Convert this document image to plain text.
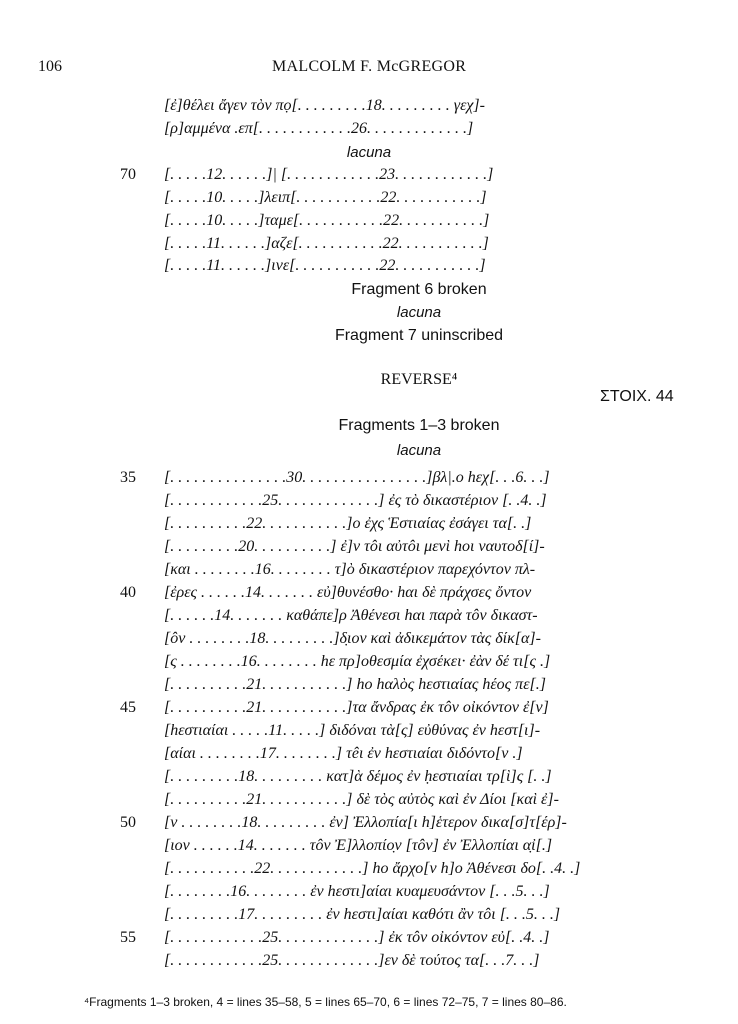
106	MALCOLM F. McGREGOR
[ἐ]θέλει ἄγεν τὸν πọ[. . . . . . . . .18. . . . . . . . . γεχ]-
[ρ]αμμένα .επ[. . . . . . . . . . . .26. . . . . . . . . . . . .]
lacuna
70 [. . . . .12. . . . . .]| [. . . . . . . . . . . .23. . . . . . . . . . . .]
[. . . . .10. . . . .]λειπ[. . . . . . . . . . .22. . . . . . . . . . .]
[. . . . .10. . . . .]ταμε[. . . . . . . . . . .22. . . . . . . . . . .]
[. . . . .11. . . . . .]αζε[. . . . . . . . . . .22. . . . . . . . . . .]
[. . . . .11. . . . . .]ινε[. . . . . . . . . . .22. . . . . . . . . . .]
Fragment 6 broken
lacuna
Fragment 7 uninscribed
REVERSE⁴
ΣΤΟΙΧ. 44
Fragments 1–3 broken
lacuna
35 [. . . . . . . . . . . . . . .30. . . . . . . . . . . . . . . .]βλ|.ο hεχ[. . .6. . .]
[. . . . . . . . . . . .25. . . . . . . . . . . . .] ἐς τὸ δικαστέριον [. .4. .]
[. . . . . . . . . .22. . . . . . . . . . .]ο ἐχς Ἑστιαίας ἐσάγει τα[. .]
[. . . . . . . . .20. . . . . . . . . .] ἐ]ν τôι αὐτôι μενὶ hoι ναυτοδ[ί]-
[και . . . . . . . .16. . . . . . . . τ]ὸ δικαστέριον παρεχόντον πλ-
40 [ἐρες . . . . . .14. . . . . . . εὐ]θυνέσθο· hαι δὲ πράχσες ὄντον
[. . . . . .14. . . . . . . καθάπε]ρ Ἀθένεσι hαι παρὰ τôν δικαστ-
[ôν . . . . . . . .18. . . . . . . . .]δ̣ιον καὶ ἀδικεμάτον τὰς δίκ[α]-
[ς . . . . . . . .16. . . . . . . . hε πρ]οθεσμία ἐχσέκει· ἐὰν δέ τι[ς .]
[. . . . . . . . . .21. . . . . . . . . . .] hο hαλὸς hεστιαίας hέος πε[.]
45 [. . . . . . . . . .21. . . . . . . . . . .]τα ἄνδρας ἐκ τôν οἰκόντον ἐ[ν]
[hεστιαίαι . . . . .11. . . . .] διδόναι τὰ[ς] εὐθύνας ἐν hεστ[ι]-
[αίαι . . . . . . . .17. . . . . . . .] τêι ἐν hεστιαίαι διδόντο[ν .]
[. . . . . . . . .18. . . . . . . . . κατ]ὰ δέμος ἐν ḥεστιαίαι τρ[ὶ]ς [. .]
[. . . . . . . . . .21. . . . . . . . . . .] δὲ τὸς αὐτὸς καὶ ἐν Δίοι [καὶ ἐ]-
50 [ν . . . . . . . .18. . . . . . . . . ἐν] Ἐλλοπία[ι h]ἑτερον δικα[σ]τ[έρ]-
[ιον . . . . . .14. . . . . . . τôν Ἐ]λλοπίο̣ν [τôν] ἐν Ἐλλοπίαι α̣ἰ[.]
[. . . . . . . . . . .22. . . . . . . . . . . .] hο ἄρχο[ν h]ο Ἀθένεσι δο[. .4. .]
[. . . . . . . .16. . . . . . . . ἐν hεστι]αίαι κυαμευσάντον [. . .5. . .]
[. . . . . . . . .17. . . . . . . . . ἐν hεστι]αίαι καθότι ἂν τôι [. . .5. . .]
55 [. . . . . . . . . . . .25. . . . . . . . . . . . .] ἐκ τôν οἰκόντον εὐ[. .4. .]
[. . . . . . . . . . . .25. . . . . . . . . . . . .]εν δὲ τούτος τα[. . .7. . .]
⁴Fragments 1–3 broken, 4 = lines 35–58, 5 = lines 65–70, 6 = lines 72–75, 7 = lines 80–86.
